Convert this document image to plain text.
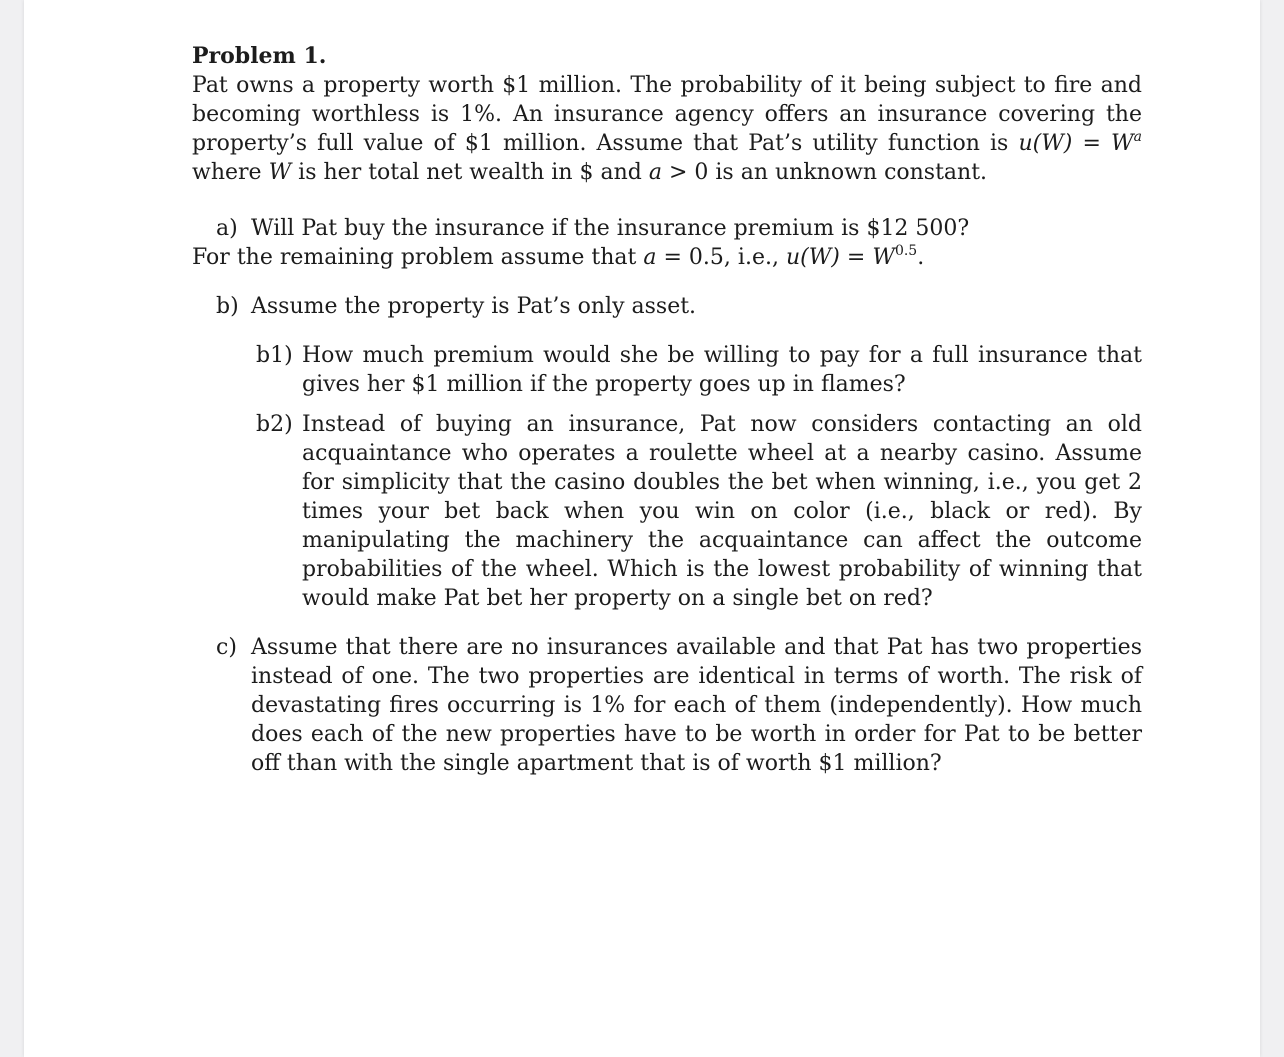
Problem 1.

Pat owns a property worth $1 million. The probability of it being subject to fire and becoming worthless is 1%. An insurance agency offers an insurance covering the property’s full value of $1 million. Assume that Pat’s utility function is $u(W) = W^a$ where W is her total net wealth in $ and a > 0 is an unknown constant.

a) Will Pat buy the insurance if the insurance premium is $12 500?

For the remaining problem assume that a = 0.5, i.e., $u(W) = W^{0.5}$.

b) Assume the property is Pat’s only asset.

b1) How much premium would she be willing to pay for a full insurance that gives her $1 million if the property goes up in flames?

b2) Instead of buying an insurance, Pat now considers contacting an old acquaintance who operates a roulette wheel at a nearby casino. Assume for simplicity that the casino doubles the bet when winning, i.e., you get 2 times your bet back when you win on color (i.e., black or red). By manipulating the machinery the acquaintance can affect the outcome probabilities of the wheel. Which is the lowest probability of winning that would make Pat bet her property on a single bet on red?

c) Assume that there are no insurances available and that Pat has two properties instead of one. The two properties are identical in terms of worth. The risk of devastating fires occurring is 1% for each of them (independently). How much does each of the new properties have to be worth in order for Pat to be better off than with the single apartment that is of worth $1 million?
